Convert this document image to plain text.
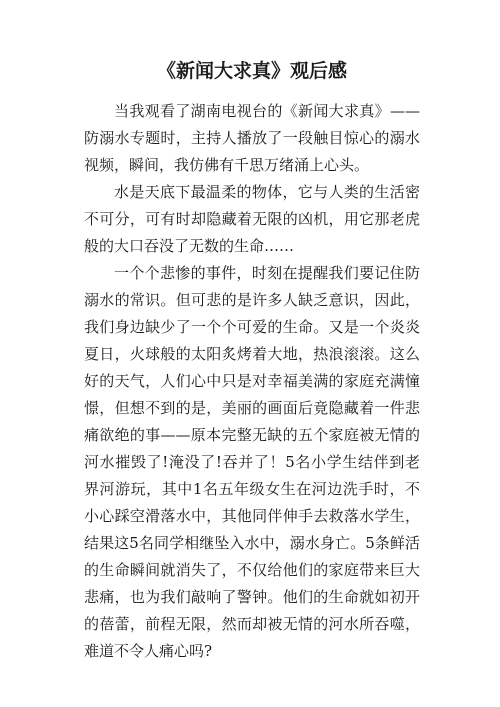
《新闻大求真》观后感

当我观看了湖南电视台的《新闻大求真》——防溺水专题时，主持人播放了一段触目惊心的溺水视频，瞬间，我仿佛有千思万绪涌上心头。

水是天底下最温柔的物体，它与人类的生活密不可分，可有时却隐藏着无限的凶机，用它那老虎般的大口吞没了无数的生命……

一个个悲惨的事件，时刻在提醒我们要记住防溺水的常识。但可悲的是许多人缺乏意识，因此，我们身边缺少了一个个可爱的生命。又是一个炎炎夏日，火球般的太阳炙烤着大地，热浪滚滚。这么好的天气，人们心中只是对幸福美满的家庭充满憧憬，但想不到的是，美丽的画面后竟隐藏着一件悲痛欲绝的事——原本完整无缺的五个家庭被无情的河水摧毁了!淹没了!吞并了！5名小学生结伴到老界河游玩，其中1名五年级女生在河边洗手时，不小心踩空滑落水中，其他同伴伸手去救落水学生，结果这5名同学相继坠入水中，溺水身亡。5条鲜活的生命瞬间就消失了，不仅给他们的家庭带来巨大悲痛，也为我们敲响了警钟。他们的生命就如初开的蓓蕾，前程无限，然而却被无情的河水所吞噬，难道不令人痛心吗?
